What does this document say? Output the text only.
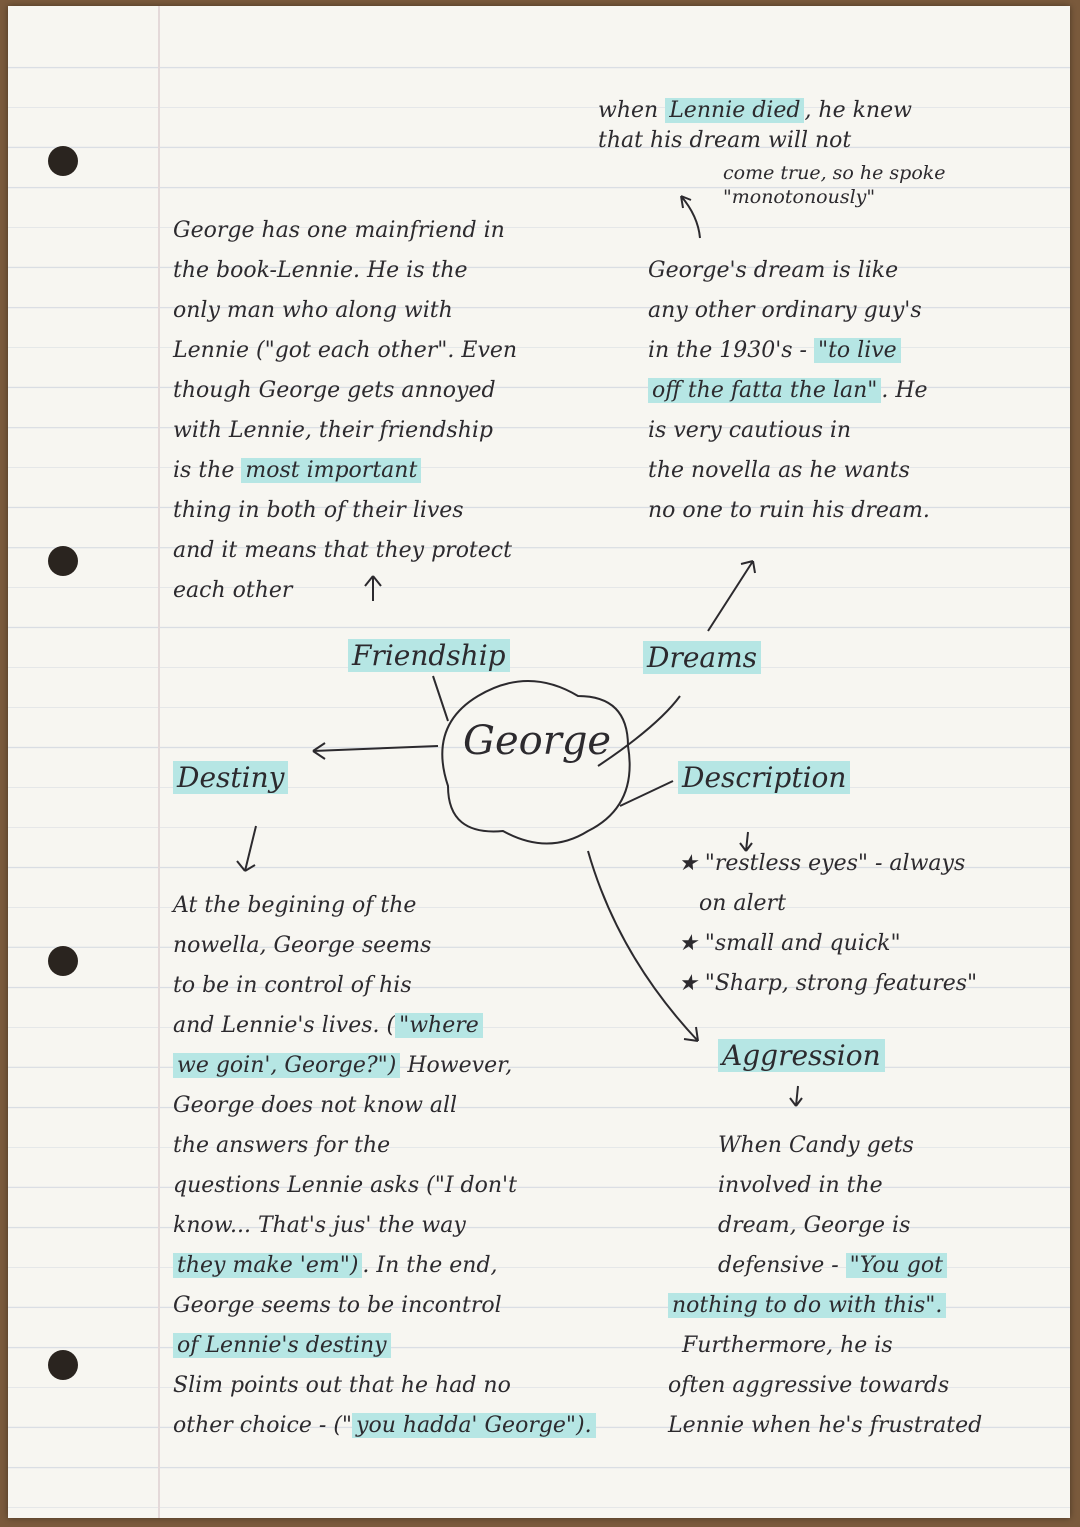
George
Friendship	Dreams
Destiny	Description
Aggression
when Lennie died , he knew
that his dream will not
come true, so he spoke
"monotonously"
George has one mainfriend in
the book-Lennie. He is the
only man who along with
Lennie ("got each other". Even
though George gets annoyed
with Lennie, their friendship
is the most important
thing in both of their lives
and it means that they protect
each other
George's dream is like
any other ordinary guy's
in the 1930's - "to live
off the fatta the lan" . He
is very cautious in
the novella as he wants
no one to ruin his dream.
★ "restless eyes" - always
on alert
★ "small and quick"
★ "Sharp, strong features"
At the begining of the
nowella, George seems
to be in control of his
and Lennie's lives. ( "where
we goin', George?") However,
George does not know all
the answers for the
questions Lennie asks ("I don't
know... That's jus' the way
they make 'em") . In the end,
George seems to be incontrol
of Lennie's destiny
Slim points out that he had no
other choice - (" you hadda' George").
When Candy gets
involved in the
dream, George is
defensive - "You got
nothing to do with this".
Furthermore, he is
often aggressive towards
Lennie when he's frustrated
